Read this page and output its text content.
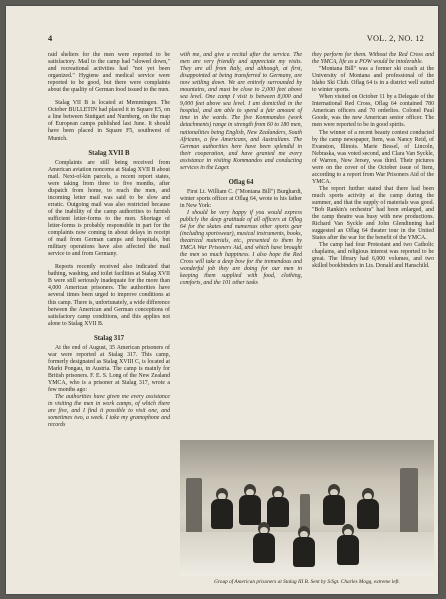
4	VOL. 2, NO. 12

raid shelters for the men were reported to be satisfactory. Mail to the camp had "slowed down," and recreational activities had "not yet been organized." Hygiene and medical service were reported to be good, but there were complaints about the quality of German food issued to the men.

Stalag VII B is located at Memmingen. The October BULLETIN had placed it in Square E5, on a line between Stuttgart and Nurnberg, on the map of European camps published last June. It should have been placed in Square F5, southwest of Munich.

Stalag XVII B

Complaints are still being received from American aviation noncoms at Stalag XVII B about mail. Next-of-kin parcels, a recent report states, were taking from three to five months, after dispatch from home, to reach the men, and incoming letter mail was said to be slow and erratic. Outgoing mail was also restricted because of the inability of the camp authorities to furnish sufficient letter-forms to the men. Shortage of letter-forms is probably responsible in part for the complaints now coming in about delays in receipt of mail from German camps and hospitals, but military operations have also affected the mail service to and from Germany.

Reports recently received also indicated that bathing, washing, and toilet facilities at Stalag XVII B were still seriously inadequate for the more than 4,000 American prisoners. The authorities have several times been urged to improve conditions at this camp. There is, unfortunately, a wide difference between the American and German conceptions of satisfactory camp conditions, and this applies not alone to Stalag XVII B.

Stalag 317

At the end of August, 35 American prisoners of war were reported at Stalag 317. This camp, formerly designated as Stalag XVIII C, is located at Markt Pongau, in Austria. The camp is mainly for British prisoners. F. E. S. Long of the New Zealand YMCA, who is a prisoner at Stalag 317, wrote a few months ago:

The authorities have given me every assistance in visiting the men in work camps, of which there are five, and I find it possible to visit one, and sometimes two, a week. I take my gramophone and records

with me, and give a recital after the service. The men are very friendly and appreciate my visits. They are all from Italy, and although, at first, disappointed at being transferred to Germany, are now settling down. We are entirely surrounded by mountains, and must be close to 2,000 feet above sea level. One camp I visit is between 8,000 and 9,000 feet above sea level. I am domiciled in the hospital, and am able to spend a fair amount of time in the wards. The five Kommandos (work detachments) range in strength from 60 to 180 men, nationalities being English, New Zealanders, South Africans, a few Americans, and Australians. The German authorities here have been splendid in their cooperation, and have granted me every assistance in visiting Kommandos and conducting services in the Lager.

Oflag 64

First Lt. William C. ("Montana Bill") Burghardt, winter sports officer at Oflag 64, wrote to his father in New York:

I should be very happy if you would express publicly the deep gratitude of all officers at Oflag 64 for the skates and numerous other sports gear (including sportswear), musical instruments, books, theatrical materials, etc., presented to them by YMCA War Prisoners Aid, and which have brought the men so much happiness. I also hope the Red Cross will take a deep bow for the tremendous and wonderful job they are doing for our men in keeping them supplied with food, clothing, comforts, and the 101 other tasks

they perform for them. Without the Red Cross and the YMCA, life as a POW would be intolerable.

"Montana Bill" was a former ski coach at the University of Montana and professional of the Idaho Ski Club. Oflag 64 is in a district well suited to winter sports.

When visited on October 11 by a Delegate of the International Red Cross, Oflag 64 contained 780 American officers and 70 orderlies. Colonel Paul Goode, was the new American senior officer. The men were reported to be in good spirits.

The winner of a recent beauty contest conducted by the camp newspaper, Item, was Nancy Reid, of Evanston, Illinois. Marie Bessel, of Lincoln, Nebraska, was voted second, and Clara Van Syckle, of Warren, New Jersey, was third. Their pictures were on the cover of the October issue of Item, according to a report from War Prisoners Aid of the YMCA.

The report further stated that there had been much sports activity at the camp during the summer, and that the supply of materials was good. "Bob Rankin's orchestra" had been enlarged, and the camp theatre was busy with new productions. Richard Van Syckle and John Glendinning had suggested an Oflag 64 theater tour in the United States after the war for the benefit of the YMCA.

The camp had four Protestant and two Catholic chaplains, and religious interest was reported to be great. The library had 6,000 volumes, and two skilled bookbinders in Lts. Donald and Hanschild.

Group of American prisoners at Stalag III B. Sent by S/Sgt. Charles Mogg, extreme left.
